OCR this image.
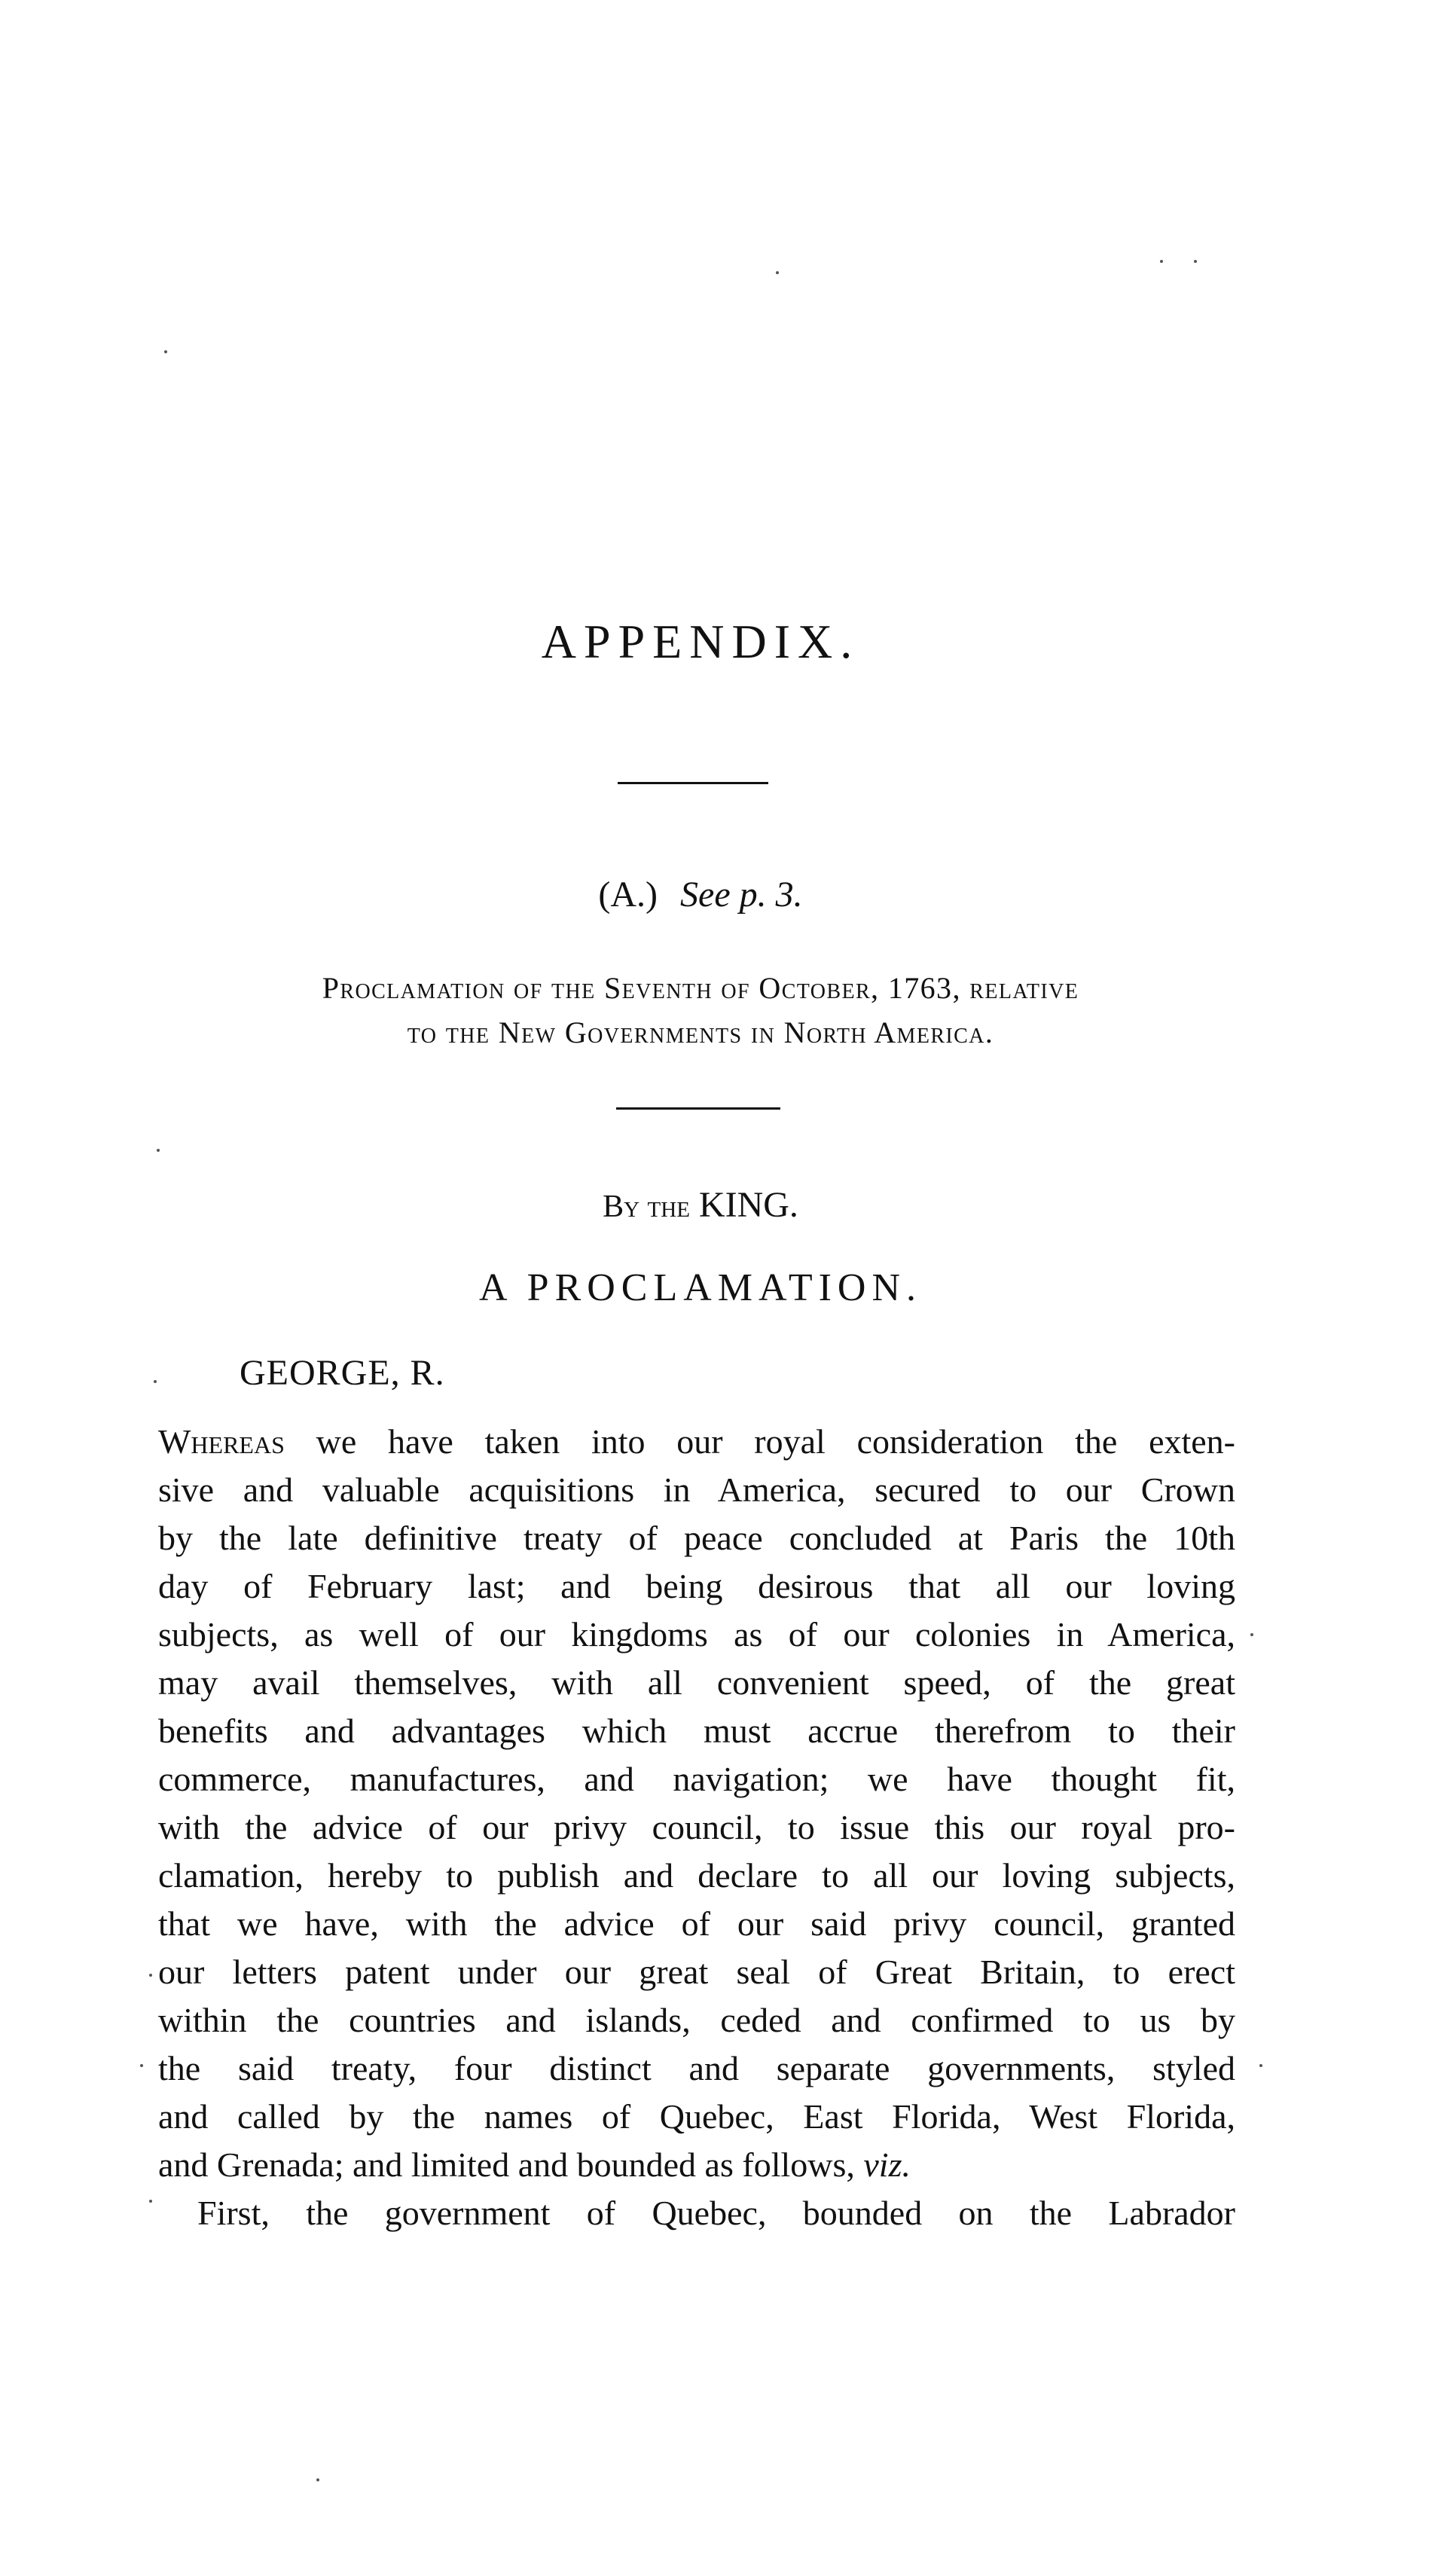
APPENDIX.
(A.) See p. 3.
Proclamation of the Seventh of October, 1763, relative
to the New Governments in North America.
By the KING.
A PROCLAMATION.
GEORGE, R.
Whereas we have taken into our royal consideration the exten-
sive and valuable acquisitions in America, secured to our Crown
by the late definitive treaty of peace concluded at Paris the 10th
day of February last; and being desirous that all our loving
subjects, as well of our kingdoms as of our colonies in America,
may avail themselves, with all convenient speed, of the great
benefits and advantages which must accrue therefrom to their
commerce, manufactures, and navigation; we have thought fit,
with the advice of our privy council, to issue this our royal pro-
clamation, hereby to publish and declare to all our loving subjects,
that we have, with the advice of our said privy council, granted
our letters patent under our great seal of Great Britain, to erect
within the countries and islands, ceded and confirmed to us by
the said treaty, four distinct and separate governments, styled
and called by the names of Quebec, East Florida, West Florida,
and Grenada; and limited and bounded as follows, viz.
First, the government of Quebec, bounded on the Labrador
